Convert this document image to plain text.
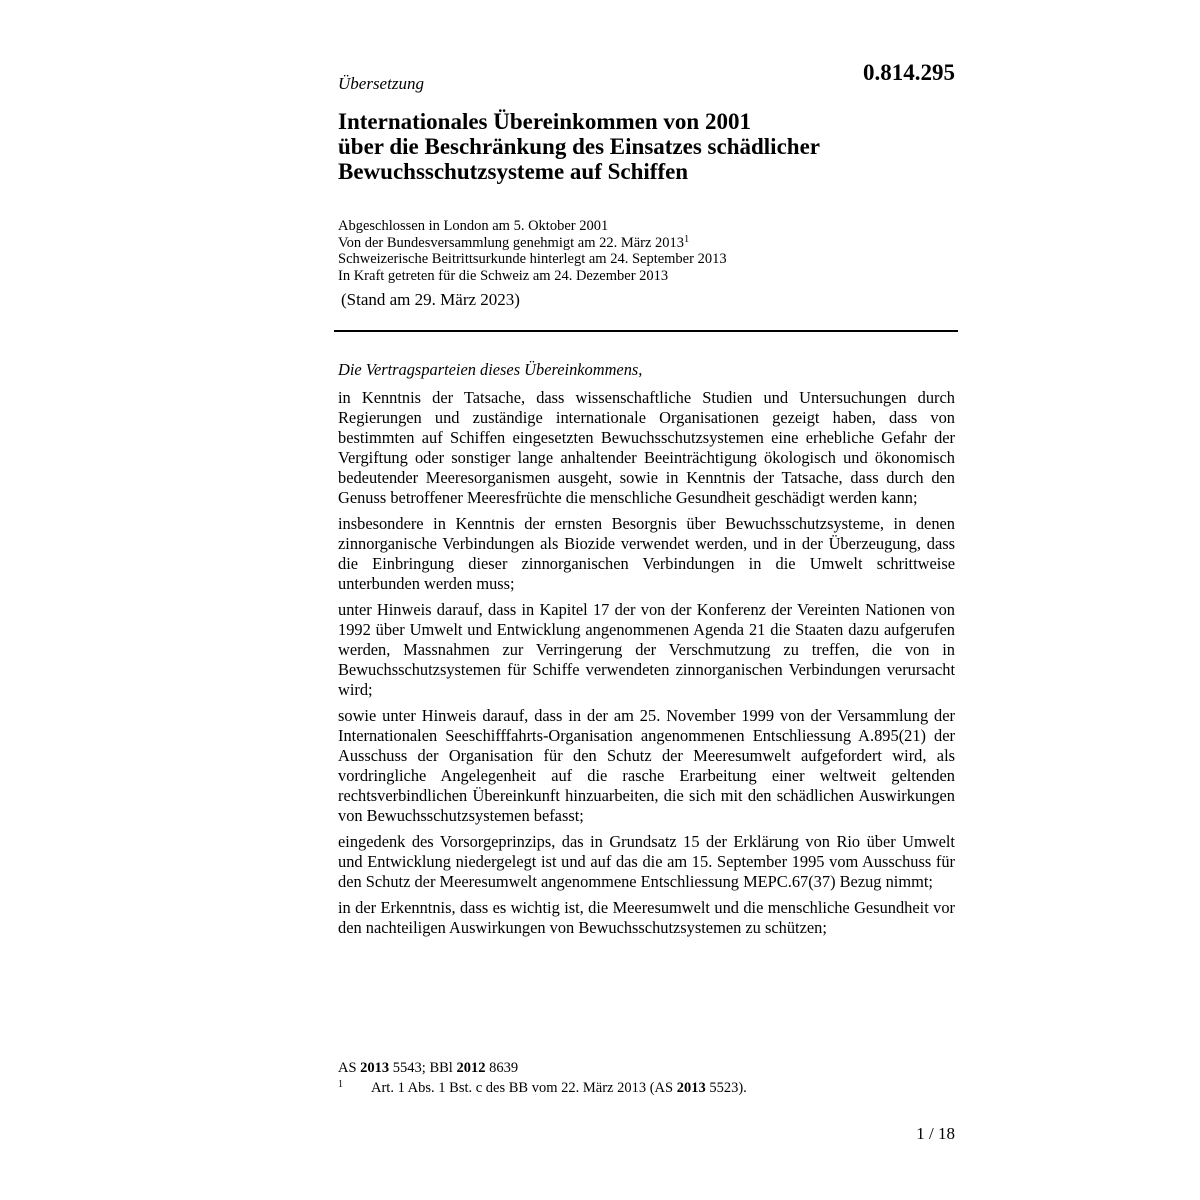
Übersetzung	0.814.295
Internationales Übereinkommen von 2001
über die Beschränkung des Einsatzes schädlicher
Bewuchsschutzsysteme auf Schiffen
Abgeschlossen in London am 5. Oktober 2001
Von der Bundesversammlung genehmigt am 22. März 2013$^1$
Schweizerische Beitrittsurkunde hinterlegt am 24. September 2013
In Kraft getreten für die Schweiz am 24. Dezember 2013
(Stand am 29. März 2023)

Die Vertragsparteien dieses Übereinkommens,

in Kenntnis der Tatsache, dass wissenschaftliche Studien und Untersuchungen durch Regierungen und zuständige internationale Organisationen gezeigt haben, dass von bestimmten auf Schiffen eingesetzten Bewuchsschutzsystemen eine erhebliche Gefahr der Vergiftung oder sonstiger lange anhaltender Beeinträchtigung ökologisch und ökonomisch bedeutender Meeresorganismen ausgeht, sowie in Kenntnis der Tatsache, dass durch den Genuss betroffener Meeresfrüchte die menschliche Gesundheit geschädigt werden kann;

insbesondere in Kenntnis der ernsten Besorgnis über Bewuchsschutzsysteme, in denen zinnorganische Verbindungen als Biozide verwendet werden, und in der Überzeugung, dass die Einbringung dieser zinnorganischen Verbindungen in die Umwelt schrittweise unterbunden werden muss;

unter Hinweis darauf, dass in Kapitel 17 der von der Konferenz der Vereinten Nationen von 1992 über Umwelt und Entwicklung angenommenen Agenda 21 die Staaten dazu aufgerufen werden, Massnahmen zur Verringerung der Verschmutzung zu treffen, die von in Bewuchsschutzsystemen für Schiffe verwendeten zinnorganischen Verbindungen verursacht wird;

sowie unter Hinweis darauf, dass in der am 25. November 1999 von der Versammlung der Internationalen Seeschifffahrts-Organisation angenommenen Entschliessung A.895(21) der Ausschuss der Organisation für den Schutz der Meeresumwelt aufgefordert wird, als vordringliche Angelegenheit auf die rasche Erarbeitung einer weltweit geltenden rechtsverbindlichen Übereinkunft hinzuarbeiten, die sich mit den schädlichen Auswirkungen von Bewuchsschutzsystemen befasst;

eingedenk des Vorsorgeprinzips, das in Grundsatz 15 der Erklärung von Rio über Umwelt und Entwicklung niedergelegt ist und auf das die am 15. September 1995 vom Ausschuss für den Schutz der Meeresumwelt angenommene Entschliessung MEPC.67(37) Bezug nimmt;

in der Erkenntnis, dass es wichtig ist, die Meeresumwelt und die menschliche Gesundheit vor den nachteiligen Auswirkungen von Bewuchsschutzsystemen zu schützen;

AS 2013 5543; BBl 2012 8639
1	Art. 1 Abs. 1 Bst. c des BB vom 22. März 2013 (AS 2013 5523).
1 / 18
